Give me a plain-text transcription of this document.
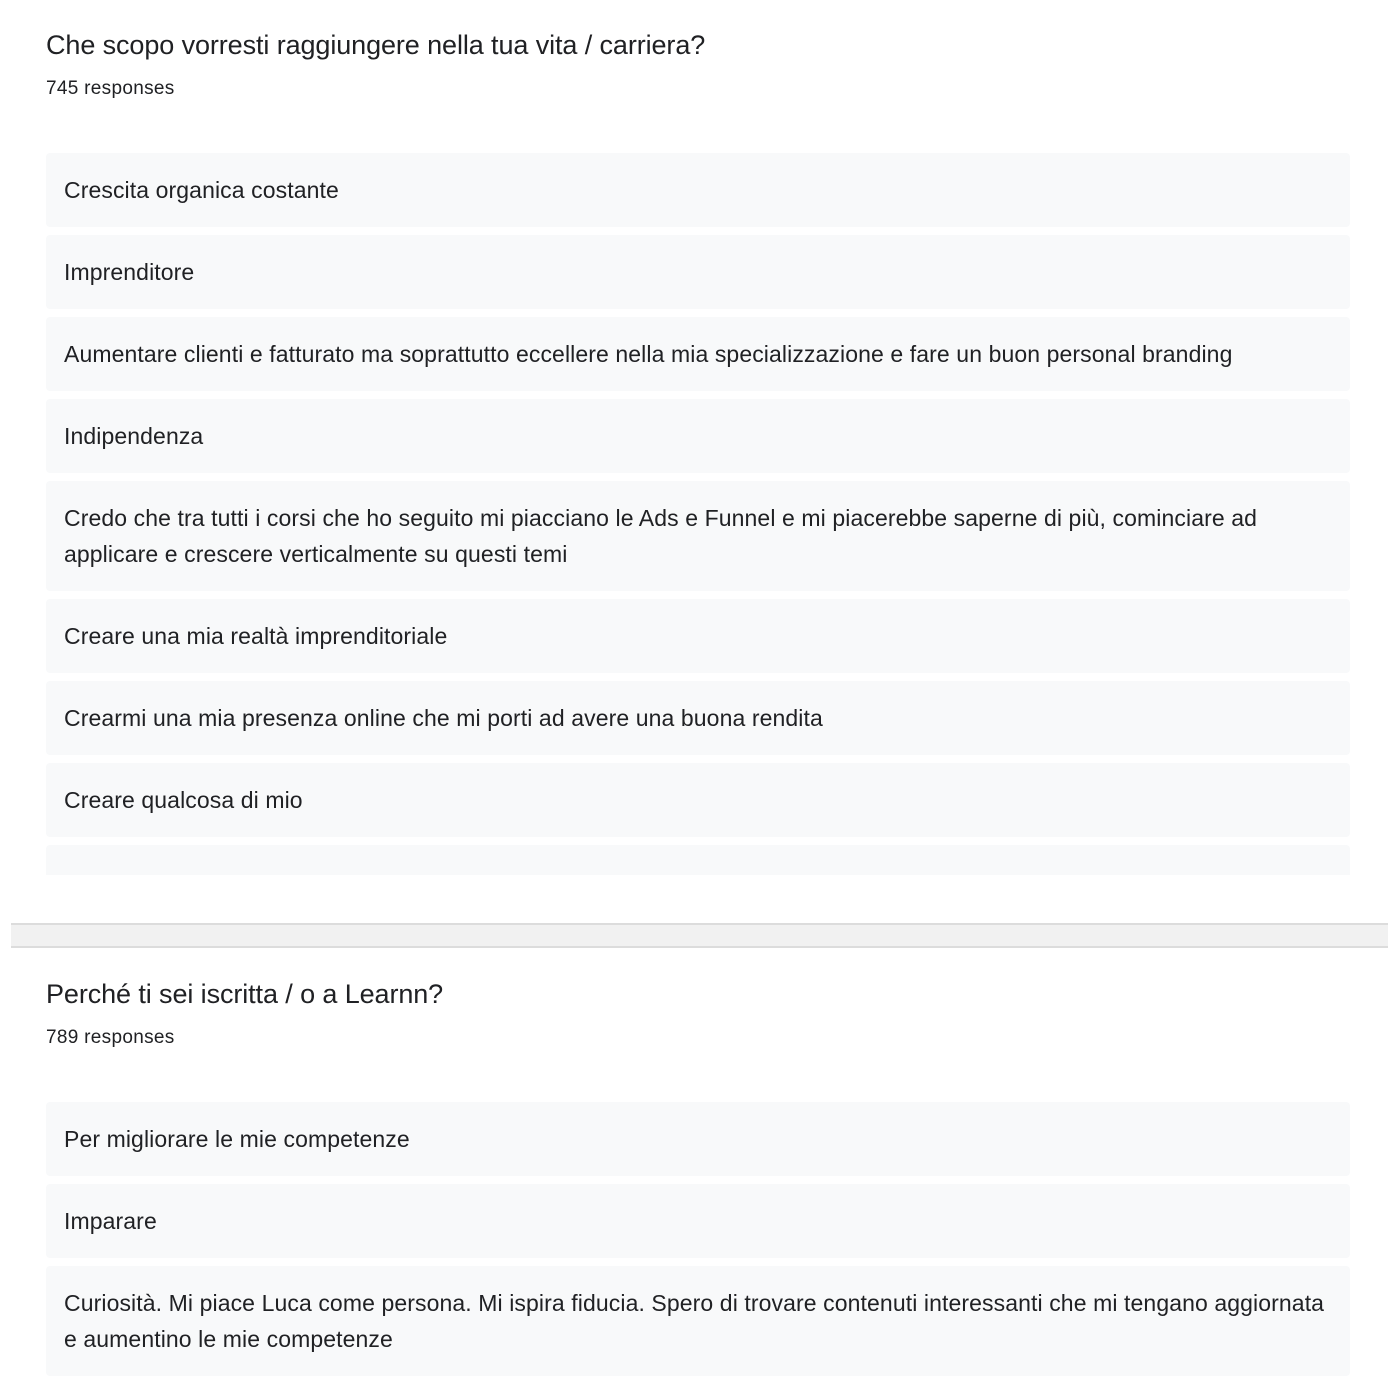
Che scopo vorresti raggiungere nella tua vita / carriera?
745 responses
Crescita organica costante
Imprenditore
Aumentare clienti e fatturato ma soprattutto eccellere nella mia specializzazione e fare un buon personal branding
Indipendenza
Credo che tra tutti i corsi che ho seguito mi piacciano le Ads e Funnel e mi piacerebbe saperne di più, cominciare ad applicare e crescere verticalmente su questi temi
Creare una mia realtà imprenditoriale
Crearmi una mia presenza online che mi porti ad avere una buona rendita
Creare qualcosa di mio
Perché ti sei iscritta / o a Learnn?
789 responses
Per migliorare le mie competenze
Imparare
Curiosità. Mi piace Luca come persona. Mi ispira fiducia. Spero di trovare contenuti interessanti che mi tengano aggiornata e aumentino le mie competenze
